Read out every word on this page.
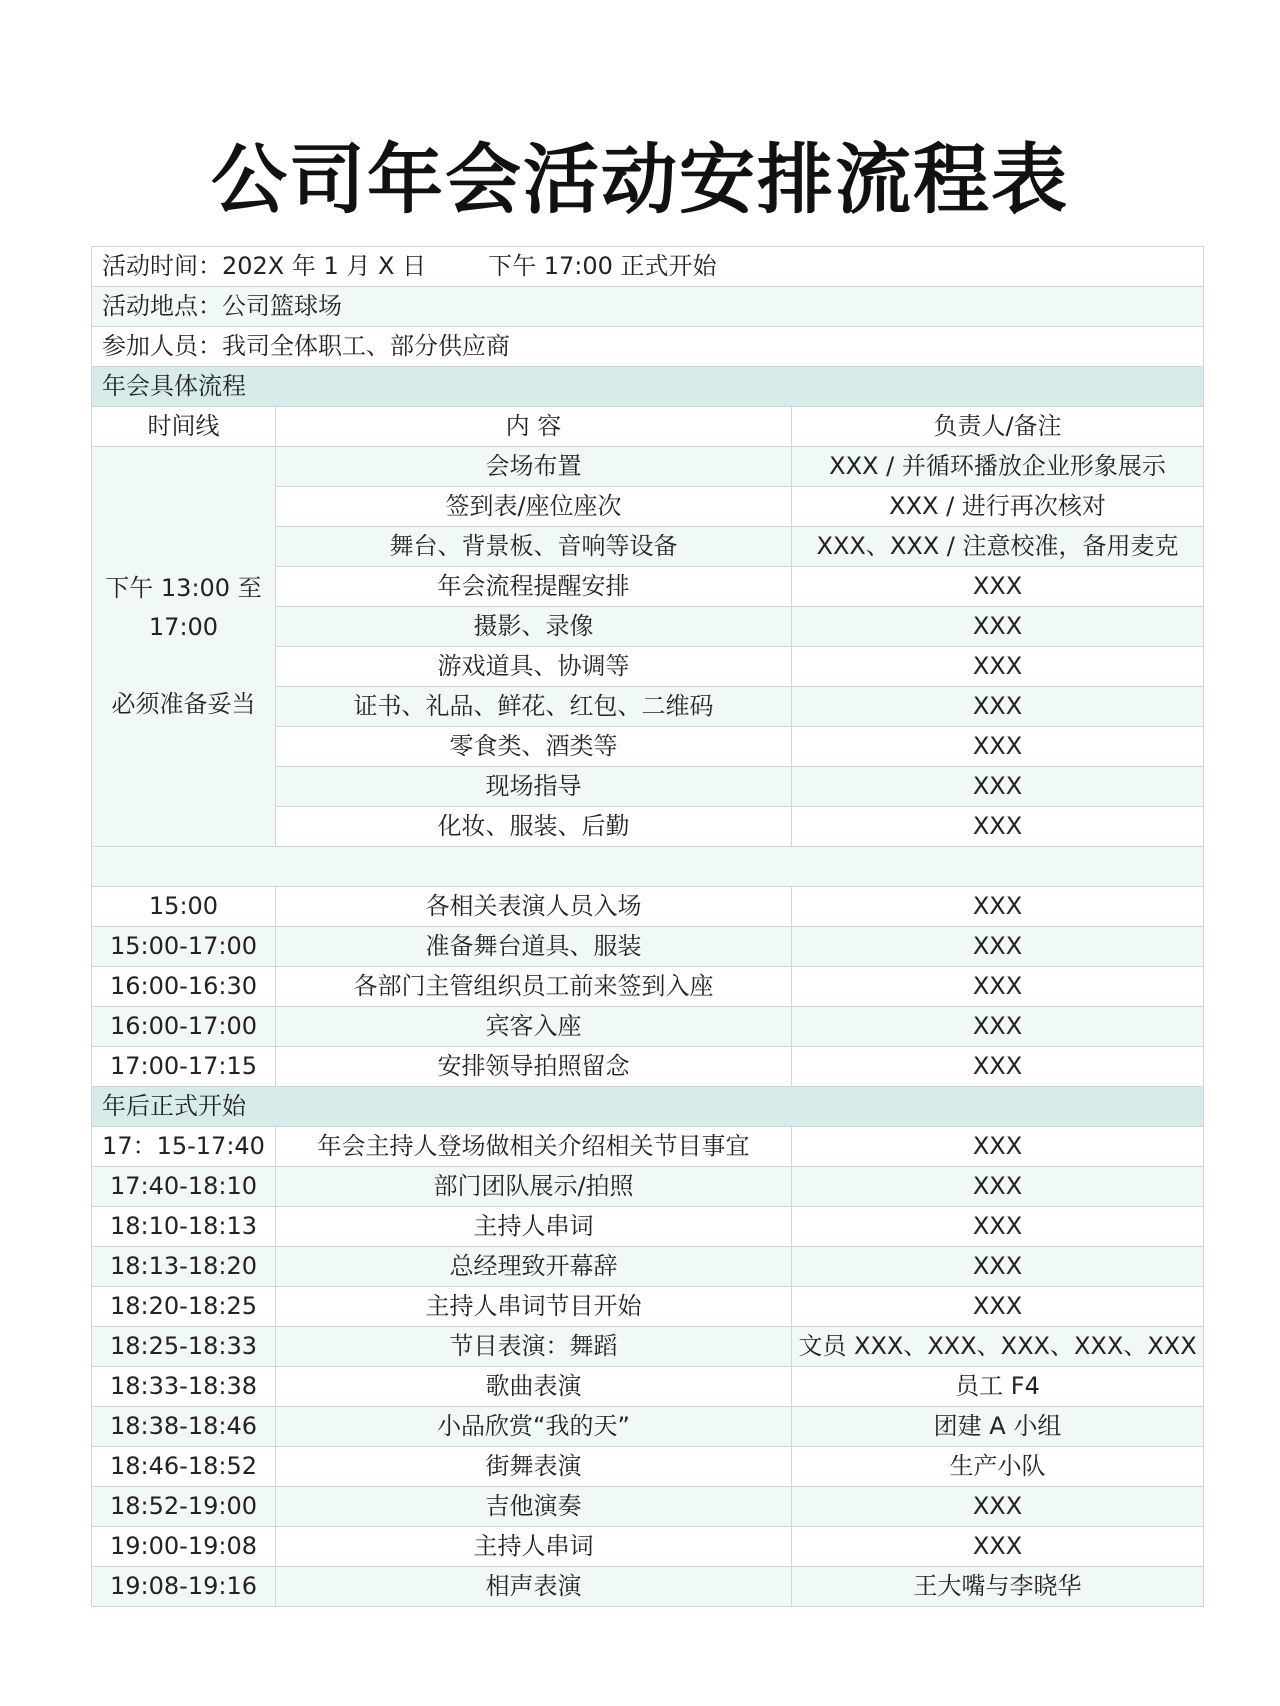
公司年会活动安排流程表
活动时间：202X 年 1 月 X 日 下午 17:00 正式开始		
活动地点：公司篮球场		
参加人员：我司全体职工、部分供应商		
年会具体流程		
时间线	内 容	负责人/备注

下午 13:00 至
17:00
必须准备妥当	会场布置	XXX / 并循环播放企业形象展示
	签到表/座位座次	XXX / 进行再次核对
	舞台、背景板、音响等设备	XXX、XXX / 注意校准，备用麦克
	年会流程提醒安排	XXX
	摄影、录像	XXX
	游戏道具、协调等	XXX
	证书、礼品、鲜花、红包、二维码	XXX
	零食类、酒类等	XXX
	现场指导	XXX
	化妆、服装、后勤	XXX

15:00	各相关表演人员入场	XXX
15:00-17:00	准备舞台道具、服装	XXX
16:00-16:30	各部门主管组织员工前来签到入座	XXX
16:00-17:00	宾客入座	XXX
17:00-17:15	安排领导拍照留念	XXX
年后正式开始		
17：15-17:40	年会主持人登场做相关介绍相关节目事宜	XXX
17:40-18:10	部门团队展示/拍照	XXX
18:10-18:13	主持人串词	XXX
18:13-18:20	总经理致开幕辞	XXX
18:20-18:25	主持人串词节目开始	XXX
18:25-18:33	节目表演：舞蹈	文员 XXX、XXX、XXX、XXX、XXX
18:33-18:38	歌曲表演	员工 F4
18:38-18:46	小品欣赏“我的天”	团建 A 小组
18:46-18:52	街舞表演	生产小队
18:52-19:00	吉他演奏	XXX
19:00-19:08	主持人串词	XXX
19:08-19:16	相声表演	王大嘴与李晓华
